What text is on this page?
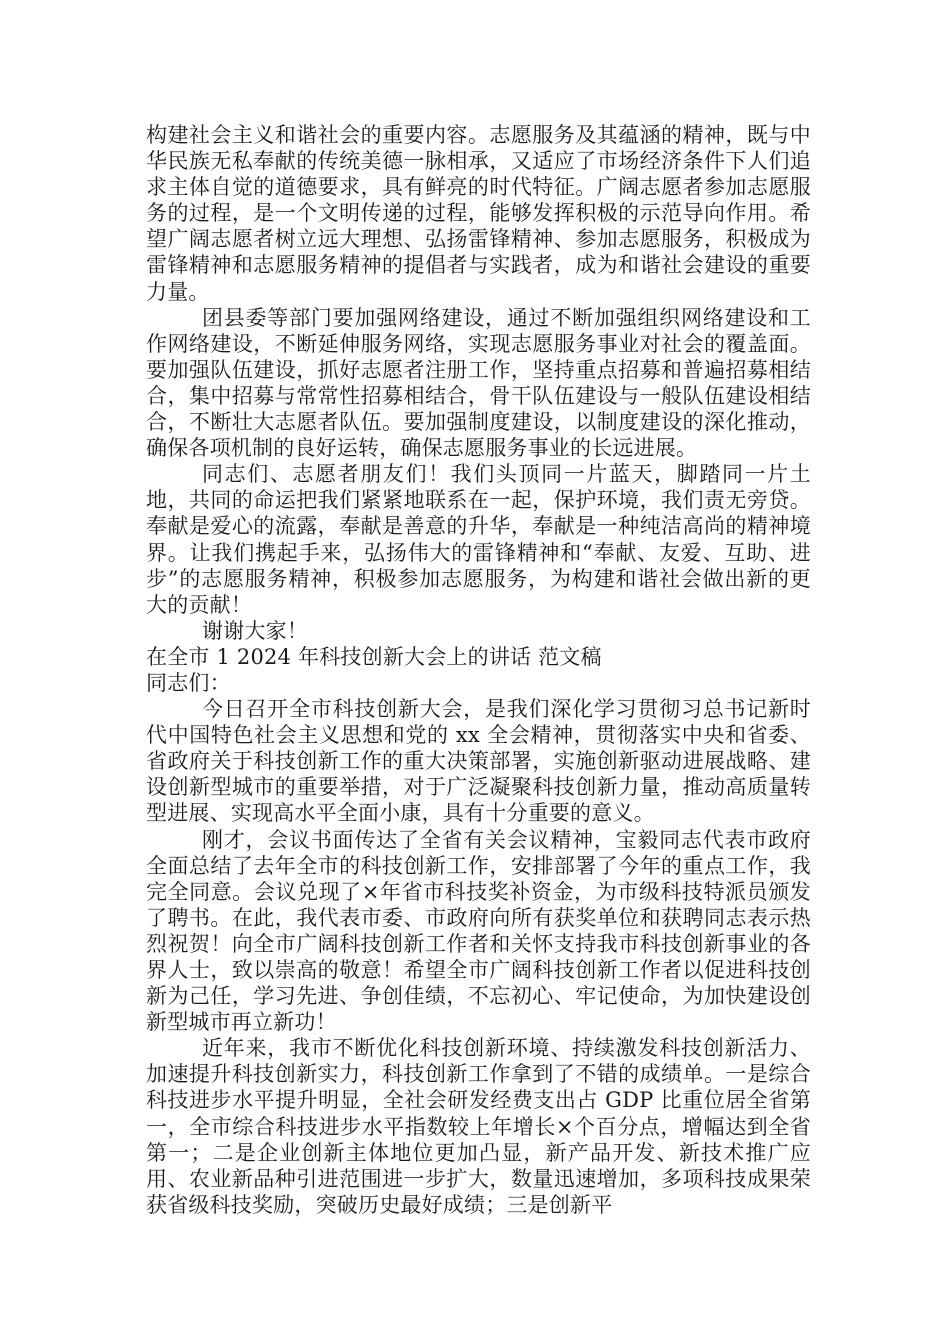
构建社会主义和谐社会的重要内容。志愿服务及其蕴涵的精神，既与中华民族无私奉献的传统美德一脉相承，又适应了市场经济条件下人们追求主体自觉的道德要求，具有鲜亮的时代特征。广阔志愿者参加志愿服务的过程，是一个文明传递的过程，能够发挥积极的示范导向作用。希望广阔志愿者树立远大理想、弘扬雷锋精神、参加志愿服务，积极成为雷锋精神和志愿服务精神的提倡者与实践者，成为和谐社会建设的重要力量。

团县委等部门要加强网络建设，通过不断加强组织网络建设和工作网络建设，不断延伸服务网络，实现志愿服务事业对社会的覆盖面。要加强队伍建设，抓好志愿者注册工作，坚持重点招募和普遍招募相结合，集中招募与常常性招募相结合，骨干队伍建设与一般队伍建设相结合，不断壮大志愿者队伍。要加强制度建设，以制度建设的深化推动，确保各项机制的良好运转，确保志愿服务事业的长远进展。

同志们、志愿者朋友们！我们头顶同一片蓝天，脚踏同一片土地，共同的命运把我们紧紧地联系在一起，保护环境，我们责无旁贷。奉献是爱心的流露，奉献是善意的升华，奉献是一种纯洁高尚的精神境界。让我们携起手来，弘扬伟大的雷锋精神和“奉献、友爱、互助、进步”的志愿服务精神，积极参加志愿服务，为构建和谐社会做出新的更大的贡献！

谢谢大家！

在全市 1 2024 年科技创新大会上的讲话 范文稿

同志们：

今日召开全市科技创新大会，是我们深化学习贯彻习总书记新时代中国特色社会主义思想和党的 xx 全会精神，贯彻落实中央和省委、省政府关于科技创新工作的重大决策部署，实施创新驱动进展战略、建设创新型城市的重要举措，对于广泛凝聚科技创新力量，推动高质量转型进展、实现高水平全面小康，具有十分重要的意义。

刚才，会议书面传达了全省有关会议精神，宝毅同志代表市政府全面总结了去年全市的科技创新工作，安排部署了今年的重点工作，我完全同意。会议兑现了×年省市科技奖补资金，为市级科技特派员颁发了聘书。在此，我代表市委、市政府向所有获奖单位和获聘同志表示热烈祝贺！向全市广阔科技创新工作者和关怀支持我市科技创新事业的各界人士，致以崇高的敬意！希望全市广阔科技创新工作者以促进科技创新为己任，学习先进、争创佳绩，不忘初心、牢记使命，为加快建设创新型城市再立新功！

近年来，我市不断优化科技创新环境、持续激发科技创新活力、加速提升科技创新实力，科技创新工作拿到了不错的成绩单。一是综合科技进步水平提升明显，全社会研发经费支出占 GDP 比重位居全省第一，全市综合科技进步水平指数较上年增长×个百分点，增幅达到全省第一；二是企业创新主体地位更加凸显，新产品开发、新技术推广应用、农业新品种引进范围进一步扩大，数量迅速增加，多项科技成果荣获省级科技奖励，突破历史最好成绩；三是创新平
